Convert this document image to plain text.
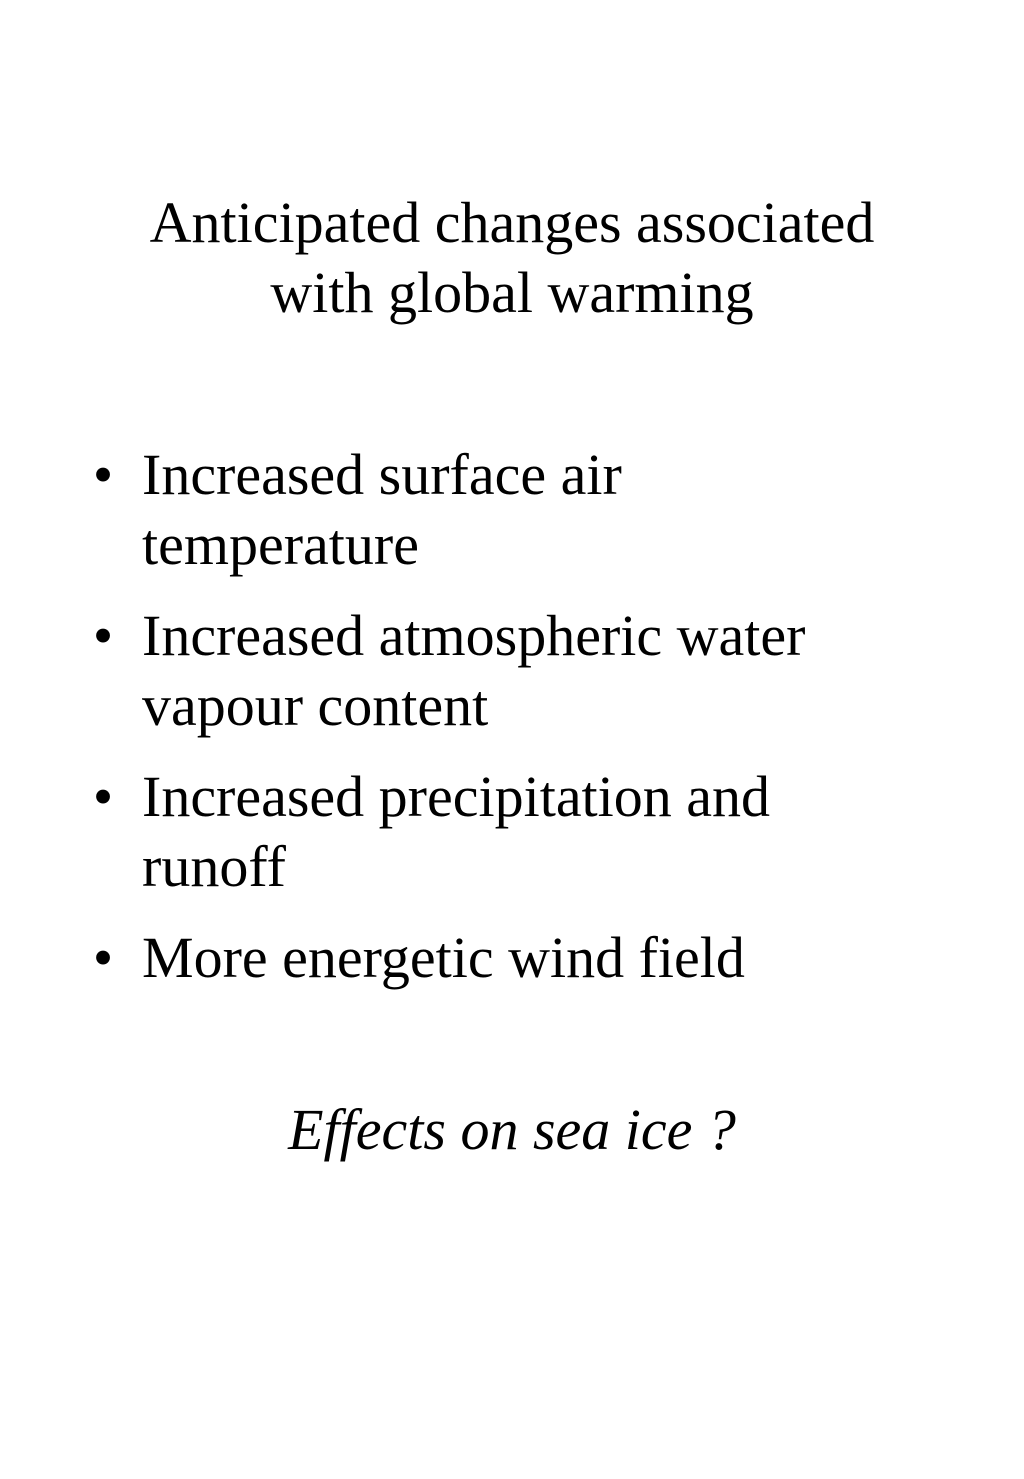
Anticipated changes associated
with global warming
• Increased surface air
temperature
• Increased atmospheric water
vapour content
• Increased precipitation and
runoff
• More energetic wind field

Effects on sea ice ?
